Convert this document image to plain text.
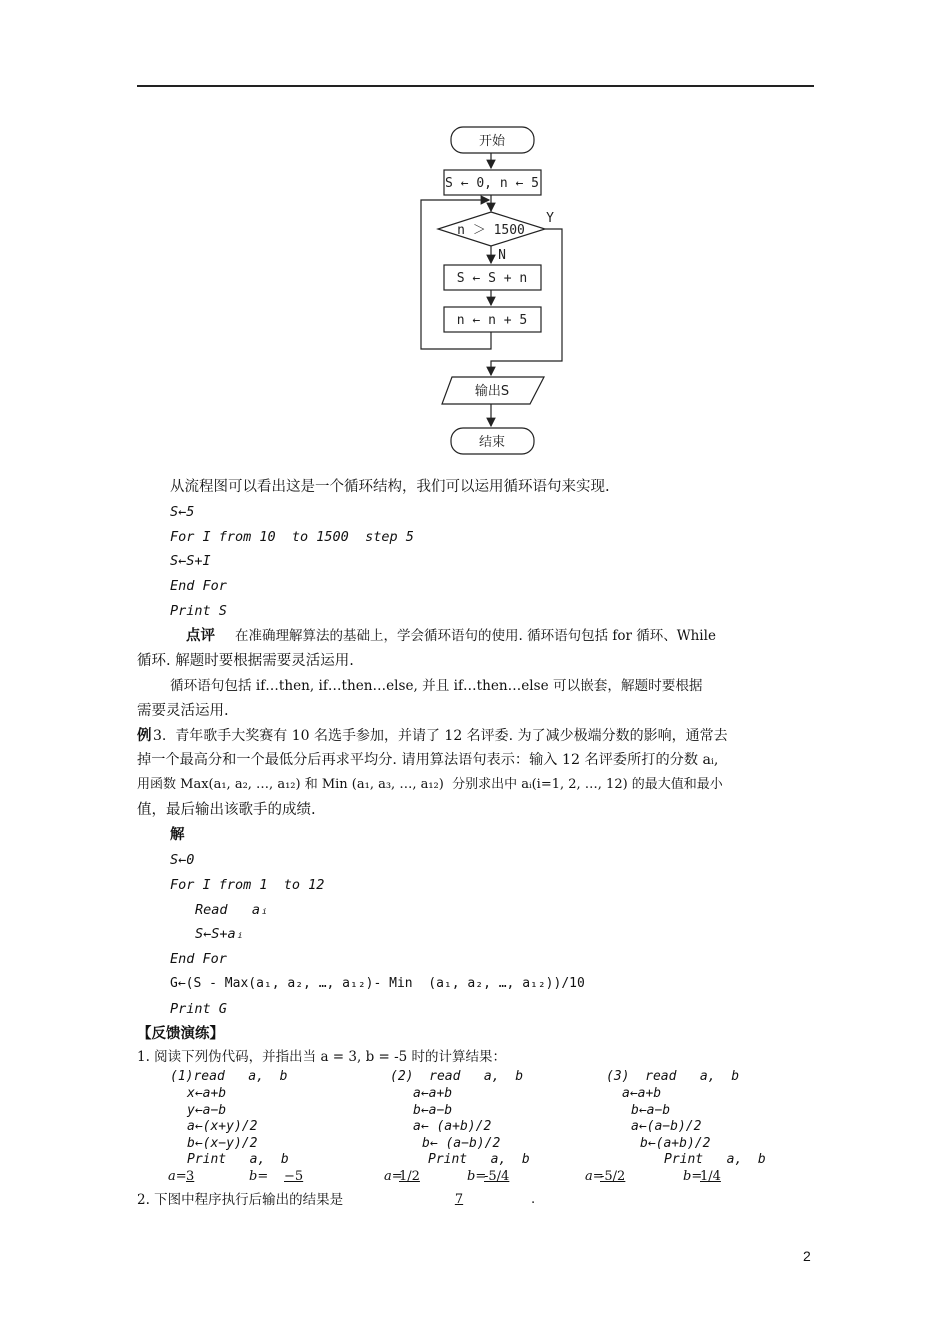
开始
S ← 0, n ← 5
n ＞ 1500
Y
N
S ← S + n
n ← n + 5
输出S
结束
从流程图可以看出这是一个循环结构，我们可以运用循环语句来实现.
S←5
For I from 10  to 1500  step 5
S←S+I
End For
Print S
点评 在准确理解算法的基础上，学会循环语句的使用. 循环语句包括 for 循环、While
循环. 解题时要根据需要灵活运用.
循环语句包括 if…then, if…then…else, 并且 if…then…else 可以嵌套，解题时要根据
需要灵活运用.
例 3.  青年歌手大奖赛有 10 名选手参加，并请了 12 名评委. 为了减少极端分数的影响，通常去
掉一个最高分和一个最低分后再求平均分. 请用算法语句表示：输入 12 名评委所打的分数 aᵢ,
用函数 Max(a₁, a₂, …, a₁₂) 和 Min (a₁, a₃, …, a₁₂)  分别求出中 aᵢ(i=1, 2, …, 12) 的最大值和最小
值，最后输出该歌手的成绩.
解
S←0
For I from 1  to 12
Read   aᵢ
S←S+aᵢ
End For
G←(S - Max(a₁, a₂, …, a₁₂)- Min  (a₁, a₂, …, a₁₂))/10
Print G
【反馈演练】
1. 阅读下列伪代码，并指出当 a = 3, b = -5 时的计算结果：
(1)read   a,  b
x←a+b
y←a−b
a←(x+y)/2
b←(x−y)/2
Print   a,  b
a= 3	b= −5
(2)  read   a,  b
a←a+b
b←a−b
a← (a+b)/2
b← (a−b)/2
Print   a,  b
a=
1/2	b=
-5/4
(3)  read   a,  b
a←a+b
b←a−b
a←(a−b)/2
b←(a+b)/2
Print   a,  b
a=
-5/2	b=
1/4
2. 下图中程序执行后输出的结果是	7	.
2
